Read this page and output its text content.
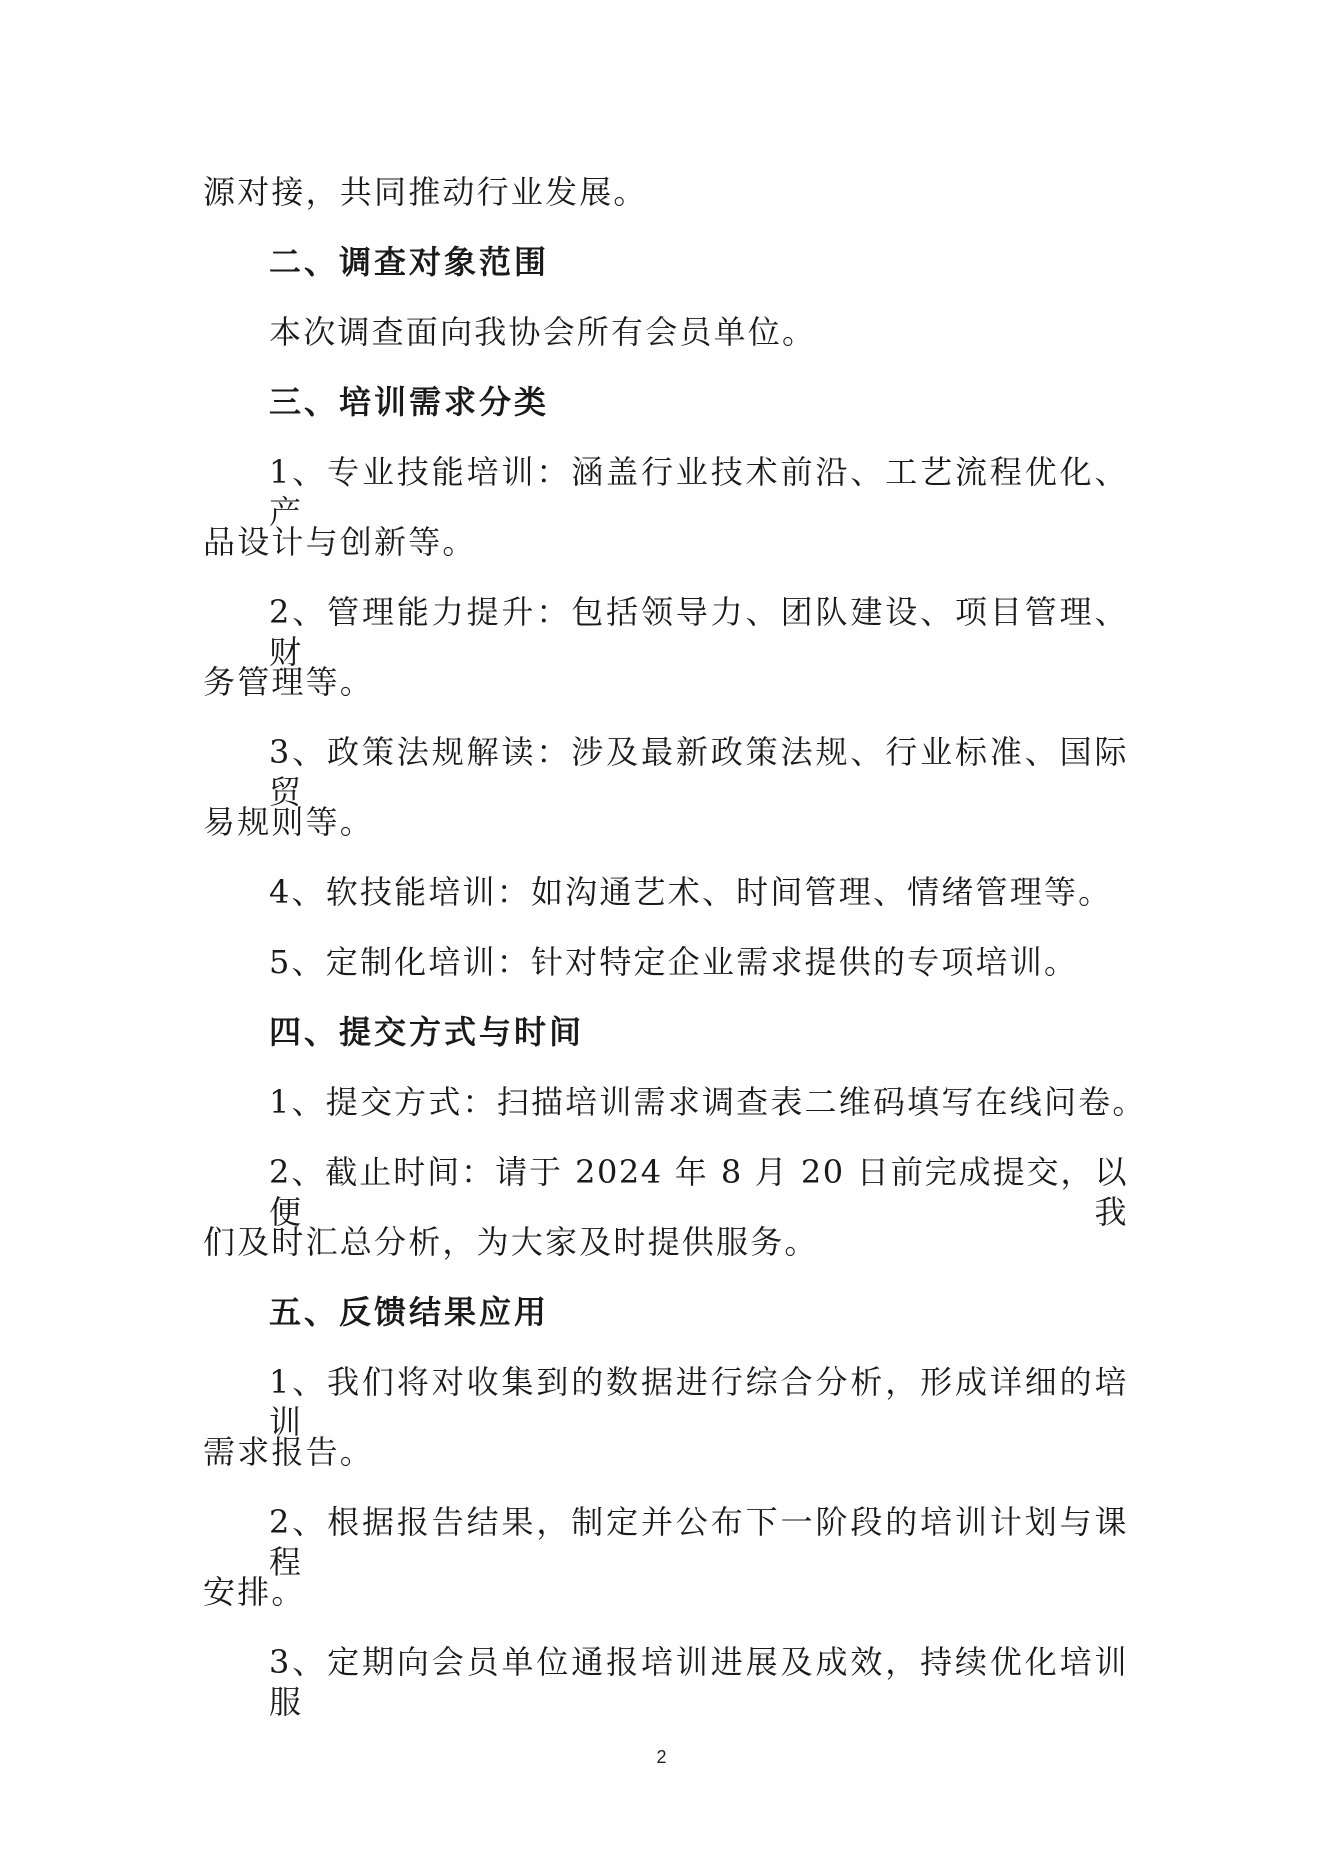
源对接，共同推动行业发展。
二、调查对象范围
本次调查面向我协会所有会员单位。
三、培训需求分类
1、专业技能培训：涵盖行业技术前沿、工艺流程优化、产
品设计与创新等。
2、管理能力提升：包括领导力、团队建设、项目管理、财
务管理等。
3、政策法规解读：涉及最新政策法规、行业标准、国际贸
易规则等。
4、软技能培训：如沟通艺术、时间管理、情绪管理等。
5、定制化培训：针对特定企业需求提供的专项培训。
四、提交方式与时间
1、提交方式：扫描培训需求调查表二维码填写在线问卷。
2、截止时间：请于 2024 年 8 月 20 日前完成提交，以便我
们及时汇总分析，为大家及时提供服务。
五、反馈结果应用
1、我们将对收集到的数据进行综合分析，形成详细的培训
需求报告。
2、根据报告结果，制定并公布下一阶段的培训计划与课程
安排。
3、定期向会员单位通报培训进展及成效，持续优化培训服
2
